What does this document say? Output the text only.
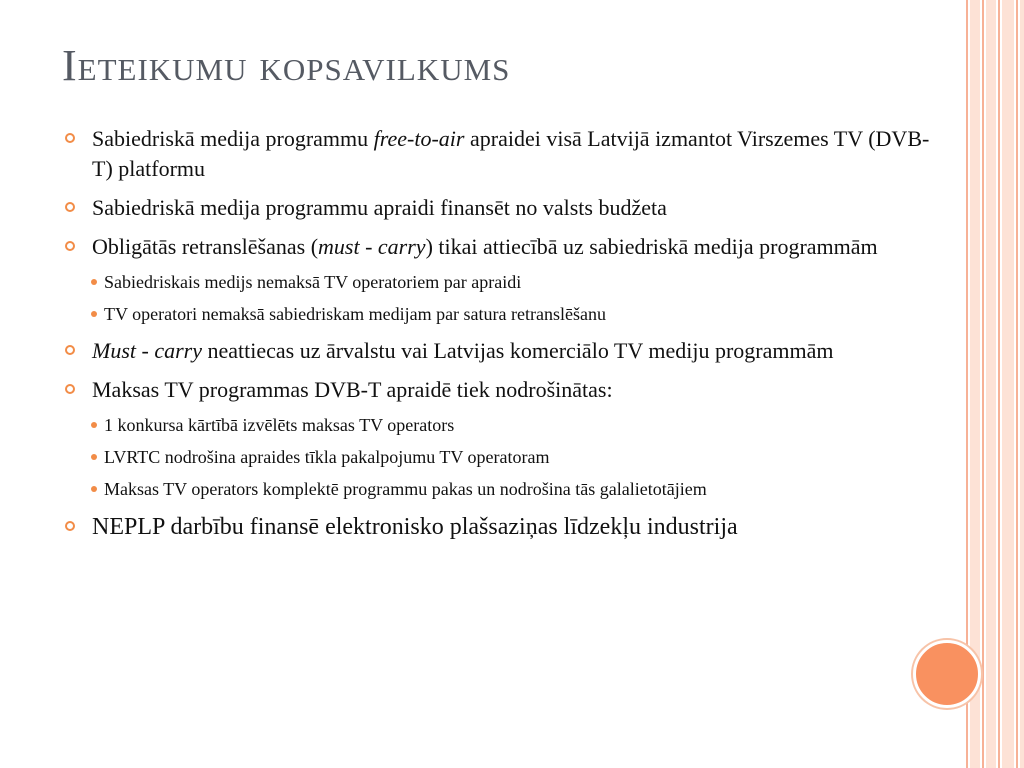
Ieteikumu kopsavilkums
Sabiedriskā medija programmu free-to-air apraidei visā Latvijā izmantot Virszemes TV (DVB-T) platformu
Sabiedriskā medija programmu apraidi finansēt no valsts budžeta
Obligātās retranslēšanas (must - carry) tikai attiecībā uz sabiedriskā medija programmām
Sabiedriskais medijs nemaksā TV operatoriem par apraidi
TV operatori nemaksā sabiedriskam medijam par satura retranslēšanu
Must - carry neattiecas uz ārvalstu vai Latvijas komerciālo TV mediju programmām
Maksas TV programmas DVB-T apraidē tiek nodrošinātas:
1 konkursa kārtībā izvēlēts maksas TV operators
LVRTC nodrošina apraides tīkla pakalpojumu TV operatoram
Maksas TV operators komplektē programmu pakas un nodrošina tās galalietotājiem
NEPLP darbību finansē elektronisko plašsaziņas līdzekļu industrija
